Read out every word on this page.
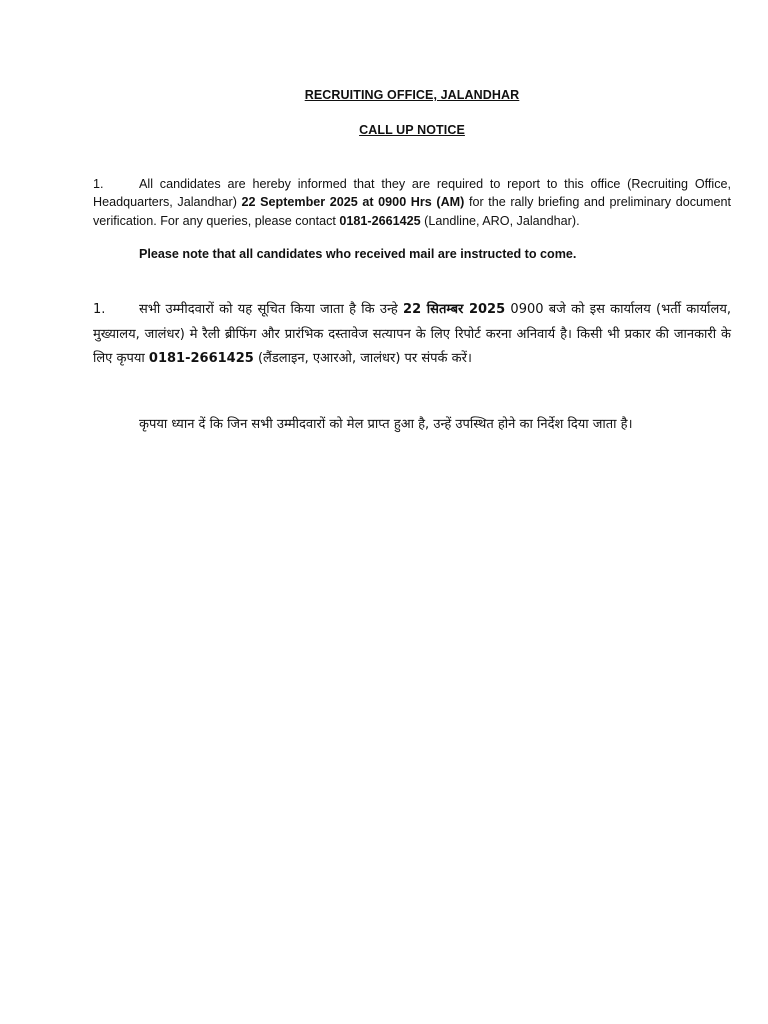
RECRUITING OFFICE, JALANDHAR
CALL UP NOTICE
1.	All candidates are hereby informed that they are required to report to this office (Recruiting Office, Headquarters, Jalandhar) 22 September 2025 at 0900 Hrs (AM) for the rally briefing and preliminary document verification. For any queries, please contact 0181-2661425 (Landline, ARO, Jalandhar).
Please note that all candidates who received mail are instructed to come.
1.	सभी उम्मीदवारों को यह सूचित किया जाता है कि उन्हे 22 सितम्बर 2025 0900 बजे को इस कार्यालय (भर्ती कार्यालय, मुख्यालय, जालंधर) मे रैली ब्रीफिंग और प्रारंभिक दस्तावेज सत्यापन के लिए रिपोर्ट करना अनिवार्य है। किसी भी प्रकार की जानकारी के लिए कृपया 0181-2661425 (लैंडलाइन, एआरओ, जालंधर) पर संपर्क करें।
कृपया ध्यान दें कि जिन सभी उम्मीदवारों को मेल प्राप्त हुआ है, उन्हें उपस्थित होने का निर्देश दिया जाता है।
